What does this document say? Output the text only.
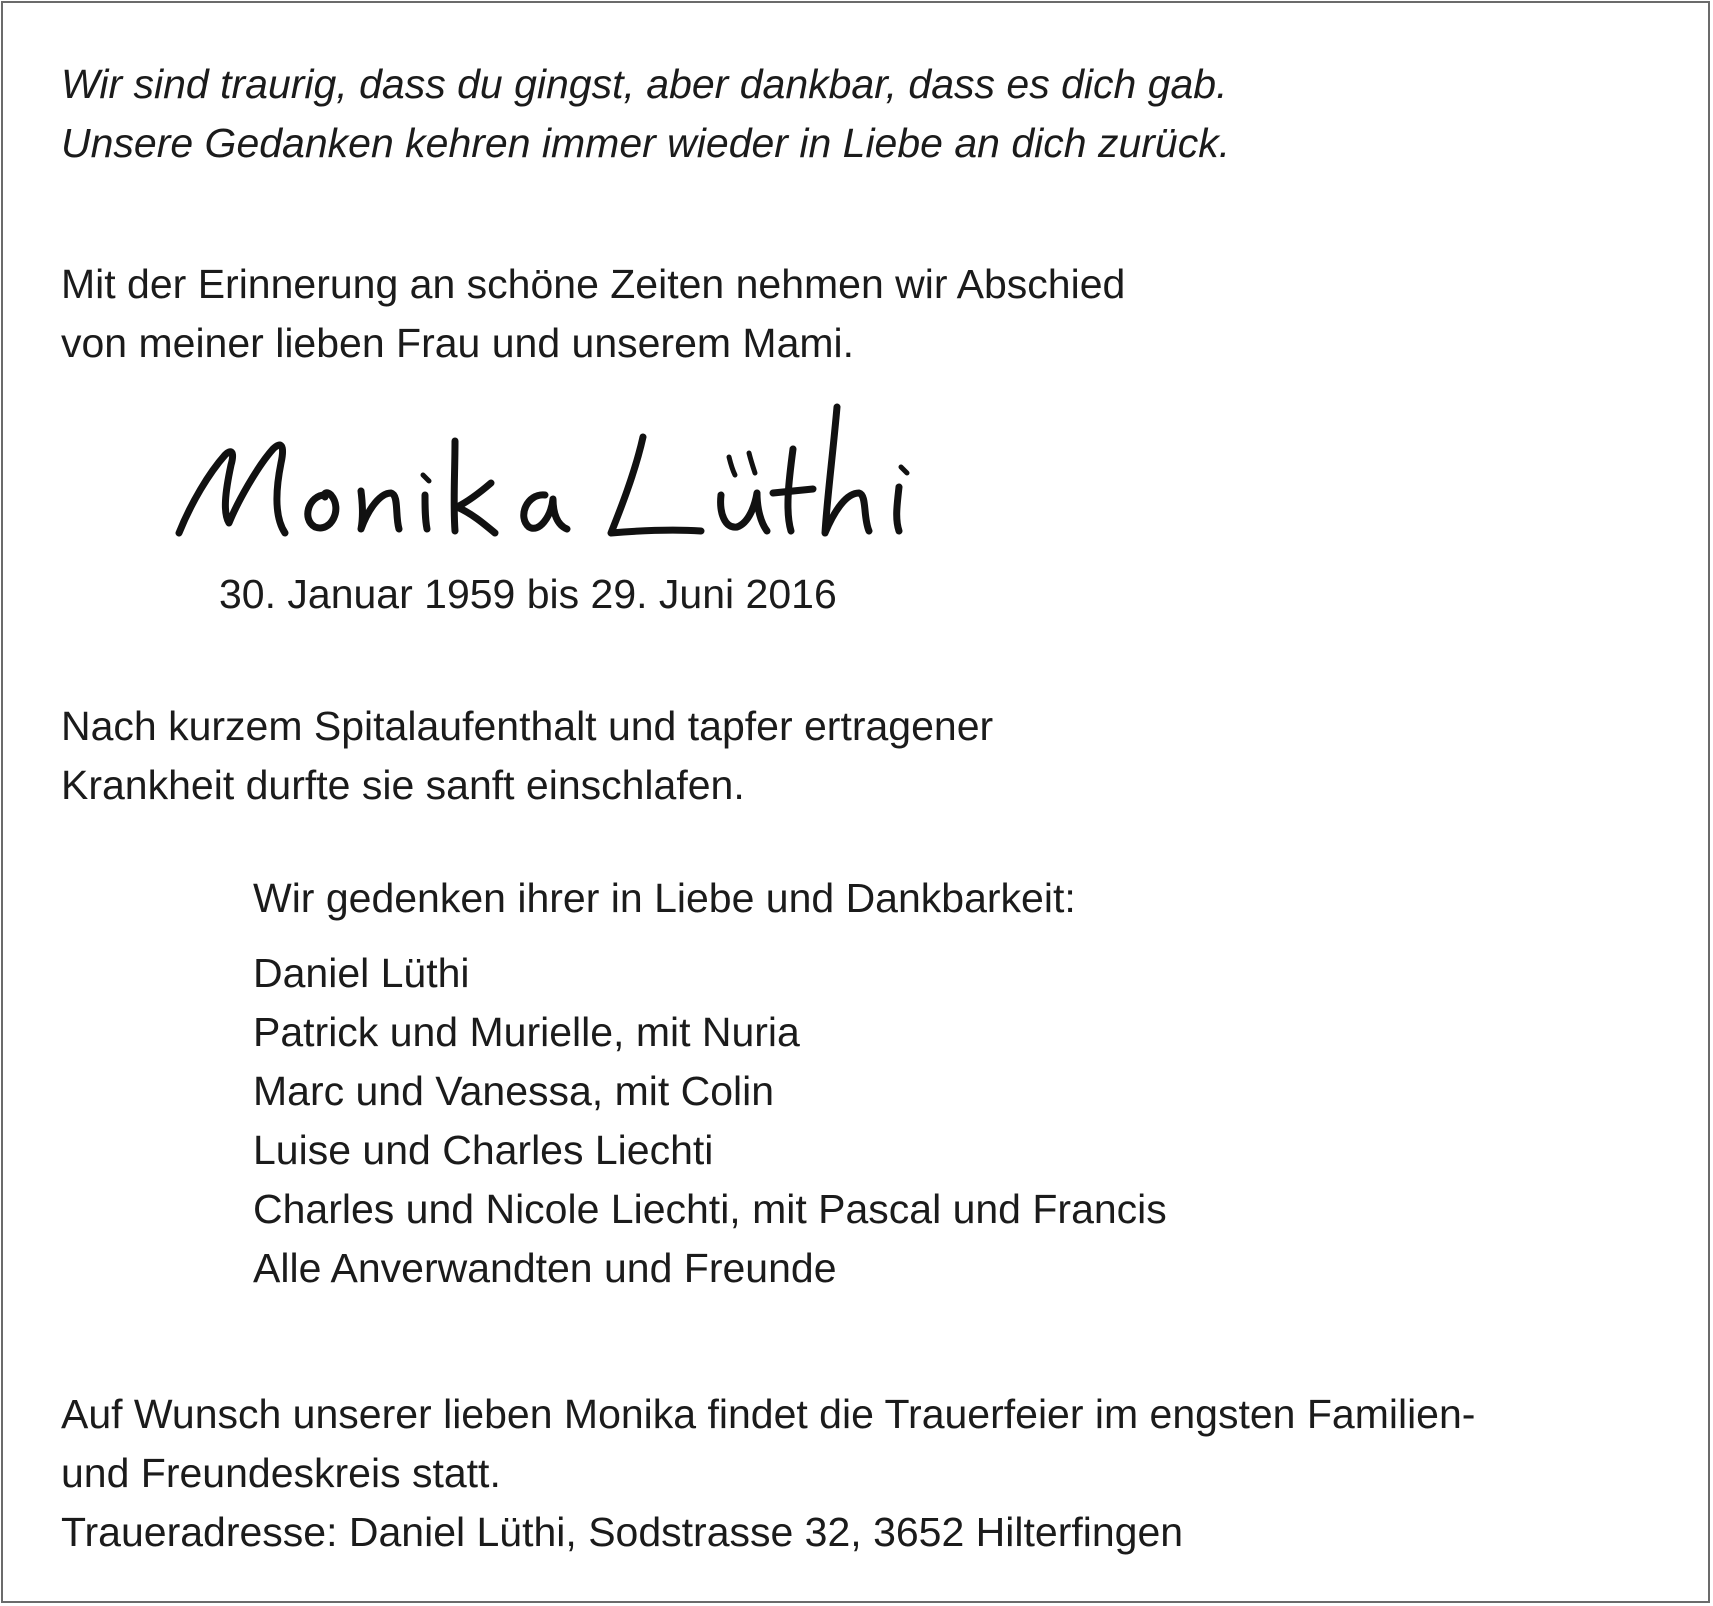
Wir sind traurig, dass du gingst, aber dankbar, dass es dich gab.
Unsere Gedanken kehren immer wieder in Liebe an dich zurück.

Mit der Erinnerung an schöne Zeiten nehmen wir Abschied
von meiner lieben Frau und unserem Mami.

30. Januar 1959 bis 29. Juni 2016

Nach kurzem Spitalaufenthalt und tapfer ertragener
Krankheit durfte sie sanft einschlafen.

Wir gedenken ihrer in Liebe und Dankbarkeit:
Daniel Lüthi
Patrick und Murielle, mit Nuria
Marc und Vanessa, mit Colin
Luise und Charles Liechti
Charles und Nicole Liechti, mit Pascal und Francis
Alle Anverwandten und Freunde

Auf Wunsch unserer lieben Monika findet die Trauerfeier im engsten Familien-
und Freundeskreis statt.
Traueradresse: Daniel Lüthi, Sodstrasse 32, 3652 Hilterfingen
